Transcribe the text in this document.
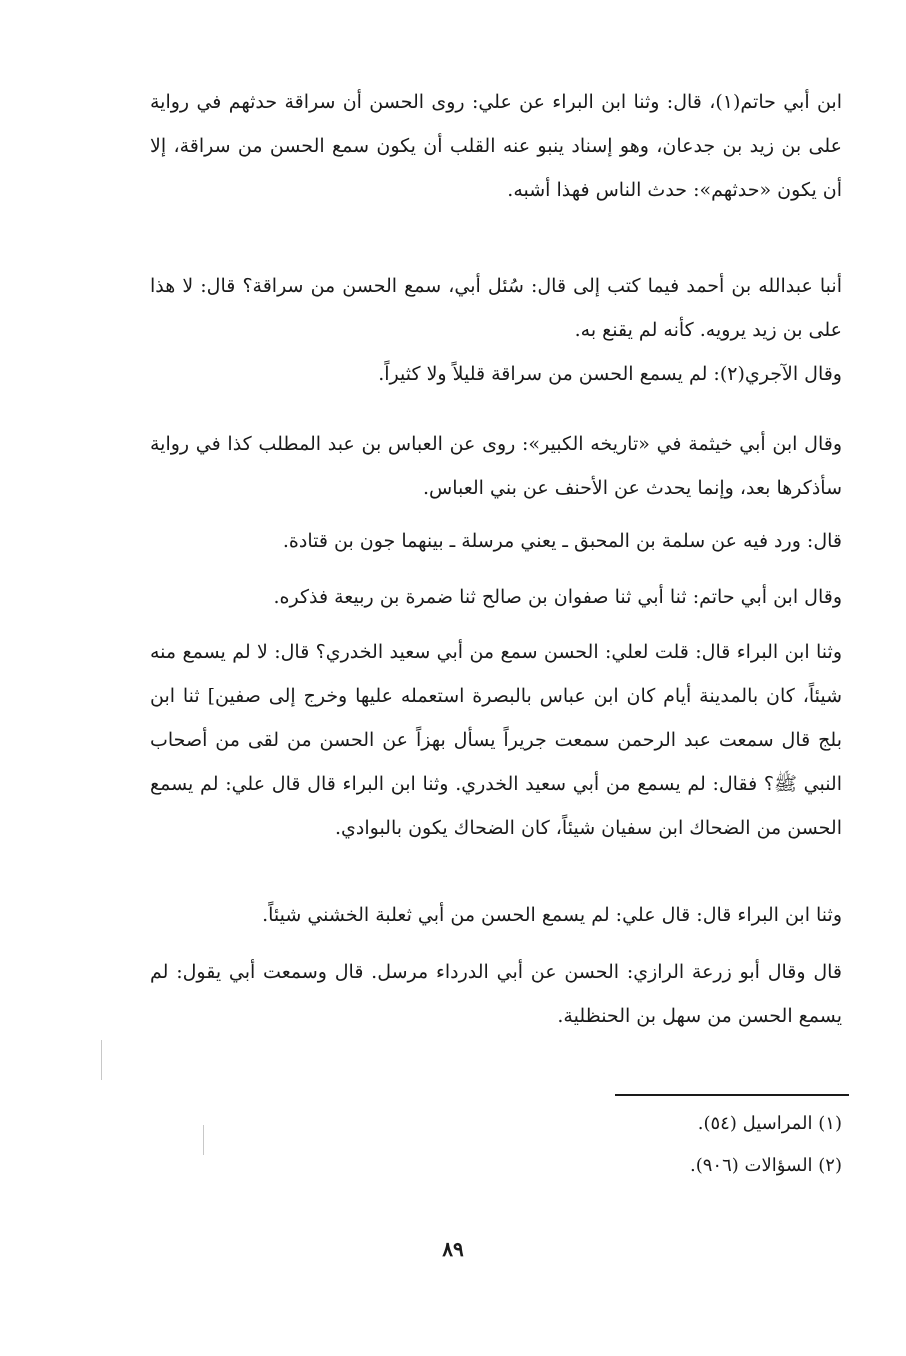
ابن أبي حاتم(١)، قال: وثنا ابن البراء عن علي: روى الحسن أن سراقة حدثهم في رواية على بن زيد بن جدعان، وهو إسناد ينبو عنه القلب أن يكون سمع الحسن من سراقة، إلا أن يكون «حدثهم»: حدث الناس فهذا أشبه.

أنبا عبدالله بن أحمد فيما كتب إلى قال: سُئل أبي، سمع الحسن من سراقة؟ قال: لا هذا على بن زيد يرويه. كأنه لم يقنع به.

وقال الآجري(٢): لم يسمع الحسن من سراقة قليلاً ولا كثيراً.

وقال ابن أبي خيثمة في «تاريخه الكبير»: روى عن العباس بن عبد المطلب كذا في رواية سأذكرها بعد، وإنما يحدث عن الأحنف عن بني العباس.

قال: ورد فيه عن سلمة بن المحبق ـ يعني مرسلة ـ بينهما جون بن قتادة.

وقال ابن أبي حاتم: ثنا أبي ثنا صفوان بن صالح ثنا ضمرة بن ربيعة فذكره.

وثنا ابن البراء قال: قلت لعلي: الحسن سمع من أبي سعيد الخدري؟ قال: لا لم يسمع منه شيئاً، كان بالمدينة أيام كان ابن عباس بالبصرة استعمله عليها وخرج إلى صفين] ثنا ابن بلج قال سمعت عبد الرحمن سمعت جريراً يسأل بهزاً عن الحسن من لقى من أصحاب النبي ﷺ؟ فقال: لم يسمع من أبي سعيد الخدري. وثنا ابن البراء قال قال علي: لم يسمع الحسن من الضحاك ابن سفيان شيئاً، كان الضحاك يكون بالبوادي.

وثنا ابن البراء قال: قال علي: لم يسمع الحسن من أبي ثعلبة الخشني شيئاً.

قال وقال أبو زرعة الرازي: الحسن عن أبي الدرداء مرسل. قال وسمعت أبي يقول: لم يسمع الحسن من سهل بن الحنظلية.

(١) المراسيل (٥٤).
(٢) السؤالات (٩٠٦).
٨٩
